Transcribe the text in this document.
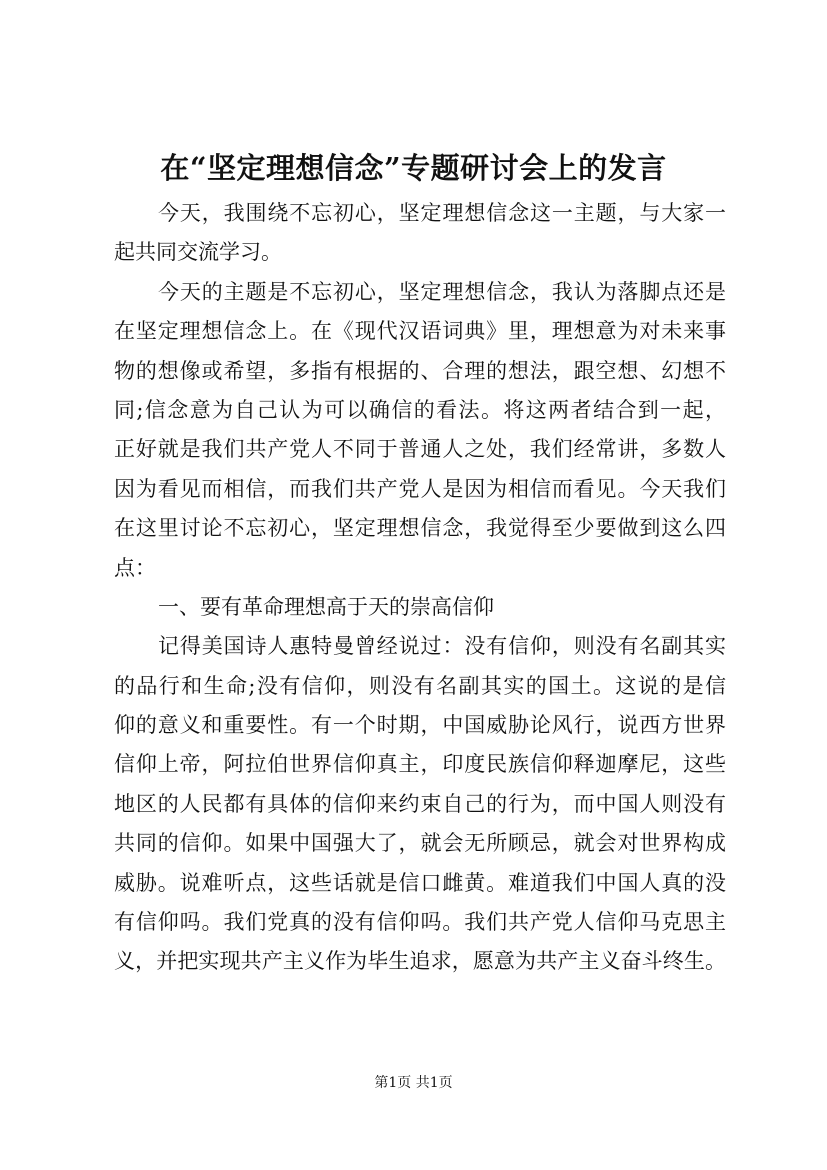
在“坚定理想信念”专题研讨会上的发言
今天，我围绕不忘初心，坚定理想信念这一主题，与大家一
起共同交流学习。
今天的主题是不忘初心，坚定理想信念，我认为落脚点还是
在坚定理想信念上。在《现代汉语词典》里，理想意为对未来事
物的想像或希望，多指有根据的、合理的想法，跟空想、幻想不
同;信念意为自己认为可以确信的看法。将这两者结合到一起，
正好就是我们共产党人不同于普通人之处，我们经常讲，多数人
因为看见而相信，而我们共产党人是因为相信而看见。今天我们
在这里讨论不忘初心，坚定理想信念，我觉得至少要做到这么四
点：
一、要有革命理想高于天的崇高信仰
记得美国诗人惠特曼曾经说过：没有信仰，则没有名副其实
的品行和生命;没有信仰，则没有名副其实的国土。这说的是信
仰的意义和重要性。有一个时期，中国威胁论风行，说西方世界
信仰上帝，阿拉伯世界信仰真主，印度民族信仰释迦摩尼，这些
地区的人民都有具体的信仰来约束自己的行为，而中国人则没有
共同的信仰。如果中国强大了，就会无所顾忌，就会对世界构成
威胁。说难听点，这些话就是信口雌黄。难道我们中国人真的没
有信仰吗。我们党真的没有信仰吗。我们共产党人信仰马克思主
义，并把实现共产主义作为毕生追求，愿意为共产主义奋斗终生。
第1页 共1页
